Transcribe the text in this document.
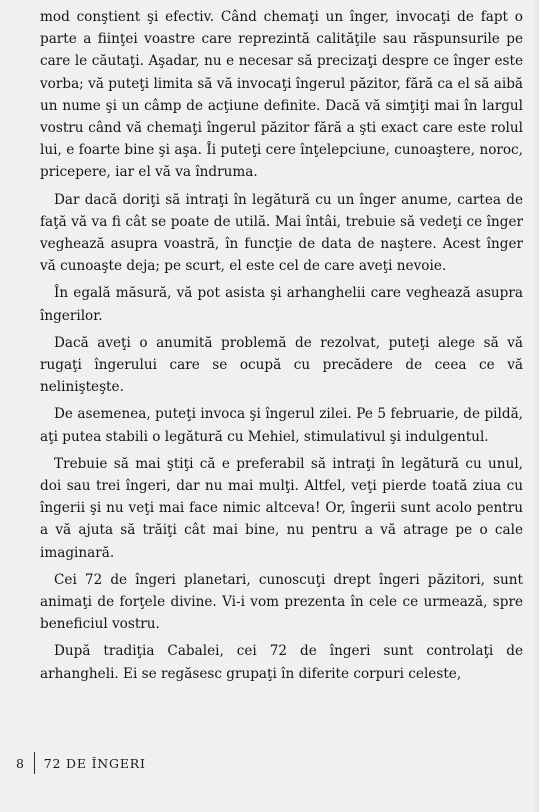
mod conştient şi efectiv. Când chemaţi un înger, invocaţi de fapt o parte a fiinţei voastre care reprezintă calităţile sau răspunsurile pe care le căutaţi. Aşadar, nu e necesar să precizaţi despre ce înger este vorba; vă puteţi limita să vă invocaţi îngerul păzitor, fără ca el să aibă un nume şi un câmp de acţiune definite. Dacă vă simţiţi mai în largul vostru când vă chemaţi îngerul păzitor fără a şti exact care este rolul lui, e foarte bine şi aşa. Îi puteţi cere înţelepciune, cunoaştere, noroc, pricepere, iar el vă va îndruma.

Dar dacă doriţi să intraţi în legătură cu un înger anume, cartea de faţă vă va fi cât se poate de utilă. Mai întâi, trebuie să vedeţi ce înger veghează asupra voastră, în funcţie de data de naştere. Acest înger vă cunoaşte deja; pe scurt, el este cel de care aveţi nevoie.

În egală măsură, vă pot asista şi arhanghelii care veghează asupra îngerilor.

Dacă aveţi o anumită problemă de rezolvat, puteţi alege să vă rugaţi îngerului care se ocupă cu precădere de ceea ce vă nelinişteşte.

De asemenea, puteţi invoca şi îngerul zilei. Pe 5 februarie, de pildă, aţi putea stabili o legătură cu Mehiel, stimulativul şi indulgentul.

Trebuie să mai ştiţi că e preferabil să intraţi în legătură cu unul, doi sau trei îngeri, dar nu mai mulţi. Altfel, veţi pierde toată ziua cu îngerii şi nu veţi mai face nimic altceva! Or, îngerii sunt acolo pentru a vă ajuta să trăiţi cât mai bine, nu pentru a vă atrage pe o cale imaginară.

Cei 72 de îngeri planetari, cunoscuţi drept îngeri păzitori, sunt animaţi de forţele divine. Vi-i vom prezenta în cele ce urmează, spre beneficiul vostru.

După tradiţia Cabalei, cei 72 de îngeri sunt controlaţi de arhangheli. Ei se regăsesc grupaţi în diferite corpuri celeste,

8 72 DE ÎNGERI
